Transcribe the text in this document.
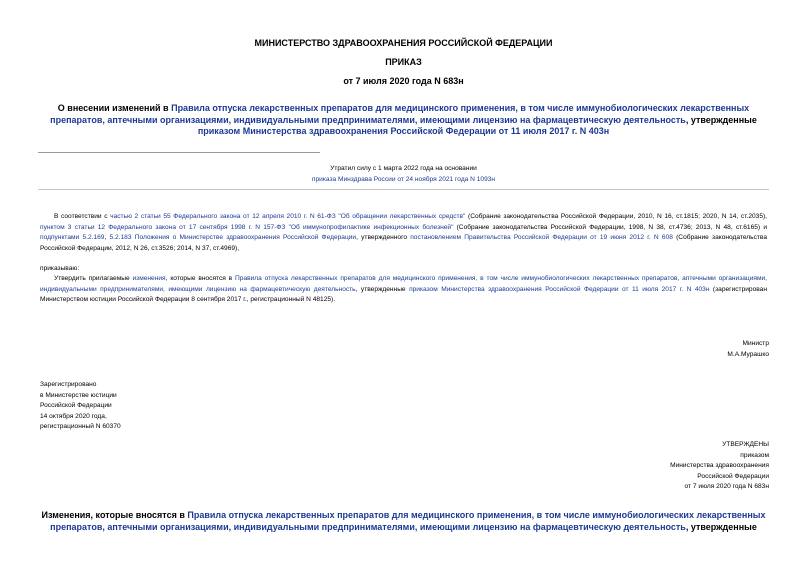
МИНИСТЕРСТВО ЗДРАВООХРАНЕНИЯ РОССИЙСКОЙ ФЕДЕРАЦИИ
ПРИКАЗ
от 7 июля 2020 года N 683н
О внесении изменений в Правила отпуска лекарственных препаратов для медицинского применения, в том числе иммунобиологических лекарственных препаратов, аптечными организациями, индивидуальными предпринимателями, имеющими лицензию на фармацевтическую деятельность, утвержденные приказом Министерства здравоохранения Российской Федерации от 11 июля 2017 г. N 403н
Утратил силу с 1 марта 2022 года на основании
приказа Минздрава России от 24 ноября 2021 года N 1093н
В соответствии с частью 2 статьи 55 Федерального закона от 12 апреля 2010 г. N 61-ФЗ "Об обращении лекарственных средств" (Собрание законодательства Российской Федерации, 2010, N 16, ст.1815; 2020, N 14, ст.2035), пунктом 3 статьи 12 Федерального закона от 17 сентября 1998 г. N 157-ФЗ "Об иммунопрофилактике инфекционных болезней" (Собрание законодательства Российской Федерации, 1998, N 38, ст.4736; 2013, N 48, ст.6165) и подпунктами 5.2.169, 5.2.183 Положения о Министерстве здравоохранения Российской Федерации, утвержденного постановлением Правительства Российской Федерации от 19 июня 2012 г. N 608 (Собрание законодательства Российской Федерации, 2012, N 26, ст.3526; 2014, N 37, ст.4969),
приказываю:
Утвердить прилагаемые изменения, которые вносятся в Правила отпуска лекарственных препаратов для медицинского применения, в том числе иммунобиологических лекарственных препаратов, аптечными организациями, индивидуальными предпринимателями, имеющими лицензию на фармацевтическую деятельность, утвержденные приказом Министерства здравоохранения Российской Федерации от 11 июля 2017 г. N 403н (зарегистрирован Министерством юстиции Российской Федерации 8 сентября 2017 г., регистрационный N 48125).
Министр
М.А.Мурашко
Зарегистрировано
в Министерстве юстиции
Российской Федерации
14 октября 2020 года,
регистрационный N 60370
УТВЕРЖДЕНЫ
приказом
Министерства здравоохранения
Российской Федерации
от 7 июля 2020 года N 683н
Изменения, которые вносятся в Правила отпуска лекарственных препаратов для медицинского применения, в том числе иммунобиологических лекарственных препаратов, аптечными организациями, индивидуальными предпринимателями, имеющими лицензию на фармацевтическую деятельность, утвержденные
